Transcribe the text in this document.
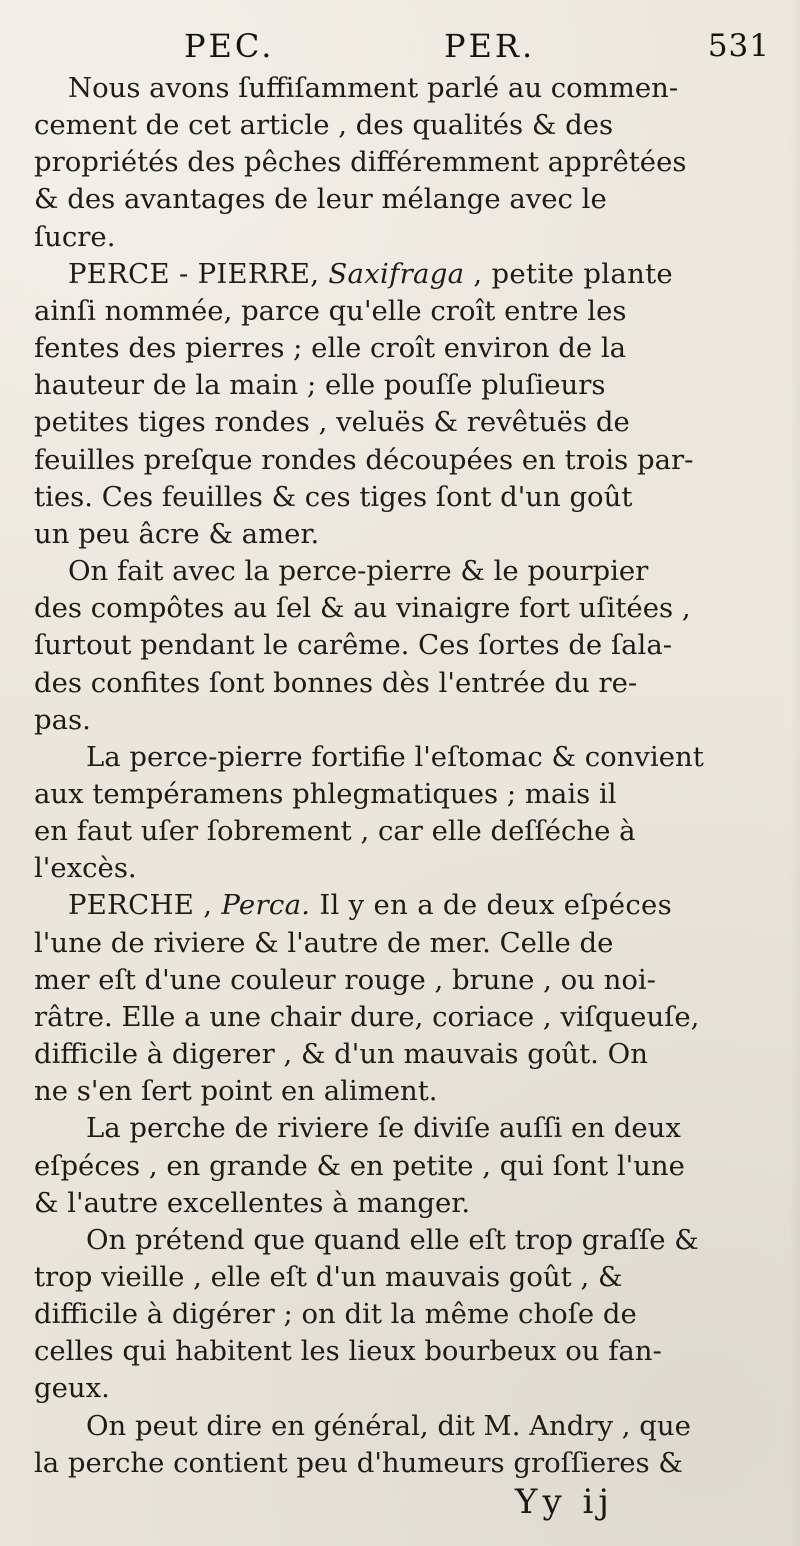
PEC.	PER.	531
Nous avons ſuffiſamment parlé au commen-
cement de cet article , des qualités & des
propriétés des pêches différemment apprêtées
& des avantages de leur mélange avec le
ſucre.
PERCE - PIERRE, Saxifraga , petite plante
ainſi nommée, parce qu'elle croît entre les
fentes des pierres ; elle croît environ de la
hauteur de la main ; elle pouſſe pluſieurs
petites tiges rondes , veluës & revêtuës de
feuilles preſque rondes découpées en trois par-
ties. Ces feuilles & ces tiges ſont d'un goût
un peu âcre & amer.
On fait avec la perce-pierre & le pourpier
des compôtes au ſel & au vinaigre fort uſitées ,
ſurtout pendant le carême. Ces ſortes de ſala-
des confites ſont bonnes dès l'entrée du re-
pas.
La perce-pierre fortifie l'eſtomac & convient
aux tempéramens phlegmatiques ; mais il
en faut uſer ſobrement , car elle deſſéche à
l'excès.
PERCHE , Perca. Il y en a de deux eſpéces
l'une de riviere & l'autre de mer. Celle de
mer eſt d'une couleur rouge , brune , ou noi-
râtre. Elle a une chair dure, coriace , viſqueuſe,
difficile à digerer , & d'un mauvais goût. On
ne s'en ſert point en aliment.
La perche de riviere ſe diviſe auſſi en deux
eſpéces , en grande & en petite , qui ſont l'une
& l'autre excellentes à manger.
On prétend que quand elle eſt trop graſſe &
trop vieille , elle eſt d'un mauvais goût , &
difficile à digérer ; on dit la même choſe de
celles qui habitent les lieux bourbeux ou fan-
geux.
On peut dire en général, dit M. Andry , que
la perche contient peu d'humeurs groſſieres &
Yy ij
